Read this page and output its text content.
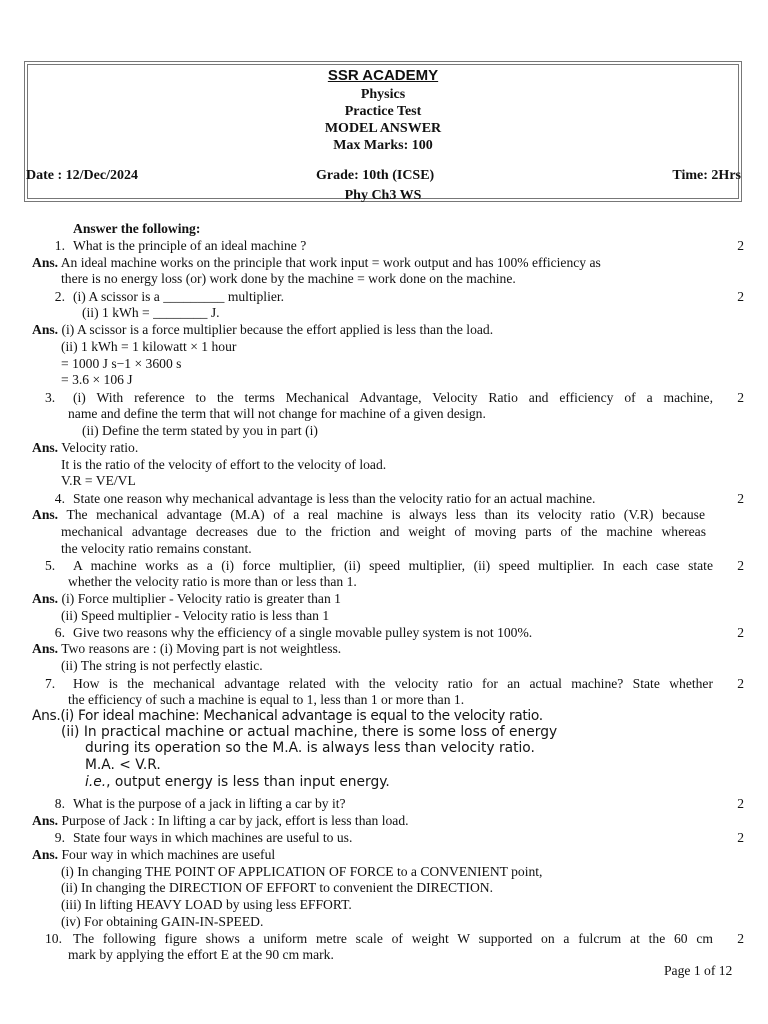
SSR ACADEMY
Physics
Practice Test
MODEL ANSWER
Max Marks: 100
Date : 12/Dec/2024	Grade: 10th (ICSE)	Time: 2Hrs
Phy Ch3 WS
Answer the following:
1. What is the principle of an ideal machine ?	2
Ans. An ideal machine works on the principle that work input = work output and has 100% efficiency as
there is no energy loss (or) work done by the machine = work done on the machine.
2. (i) A scissor is a _________ multiplier.	2
(ii) 1 kWh = ________ J.
Ans. (i) A scissor is a force multiplier because the effort applied is less than the load.
(ii) 1 kWh = 1 kilowatt × 1 hour
= 1000 J s−1 × 3600 s
= 3.6 × 106 J
3. (i) With reference to the terms Mechanical Advantage, Velocity Ratio and efficiency of a machine,	2
name and define the term that will not change for machine of a given design.
(ii) Define the term stated by you in part (i)
Ans. Velocity ratio.
It is the ratio of the velocity of effort to the velocity of load.
V.R = VE/VL
4. State one reason why mechanical advantage is less than the velocity ratio for an actual machine.	2
Ans. The mechanical advantage (M.A) of a real machine is always less than its velocity ratio (V.R) because
mechanical advantage decreases due to the friction and weight of moving parts of the machine whereas
the velocity ratio remains constant.
5. A machine works as a (i) force multiplier, (ii) speed multiplier, (ii) speed multiplier. In each case state	2
whether the velocity ratio is more than or less than 1.
Ans. (i) Force multiplier - Velocity ratio is greater than 1
(ii) Speed multiplier - Velocity ratio is less than 1
6. Give two reasons why the efficiency of a single movable pulley system is not 100%.	2
Ans. Two reasons are : (i) Moving part is not weightless.
(ii) The string is not perfectly elastic.
7. How is the mechanical advantage related with the velocity ratio for an actual machine? State whether	2
the efficiency of such a machine is equal to 1, less than 1 or more than 1.
Ans.(i) For ideal machine: Mechanical advantage is equal to the velocity ratio.
(ii) In practical machine or actual machine, there is some loss of energy
during its operation so the M.A. is always less than velocity ratio.
M.A. < V.R.
i.e., output energy is less than input energy.
8. What is the purpose of a jack in lifting a car by it?	2
Ans. Purpose of Jack : In lifting a car by jack, effort is less than load.
9. State four ways in which machines are useful to us.	2
Ans. Four way in which machines are useful
(i) In changing THE POINT OF APPLICATION OF FORCE to a CONVENIENT point,
(ii) In changing the DIRECTION OF EFFORT to convenient the DIRECTION.
(iii) In lifting HEAVY LOAD by using less EFFORT.
(iv) For obtaining GAIN-IN-SPEED.
10. The following figure shows a uniform metre scale of weight W supported on a fulcrum at the 60 cm	2
mark by applying the effort E at the 90 cm mark.
Page 1 of 12
